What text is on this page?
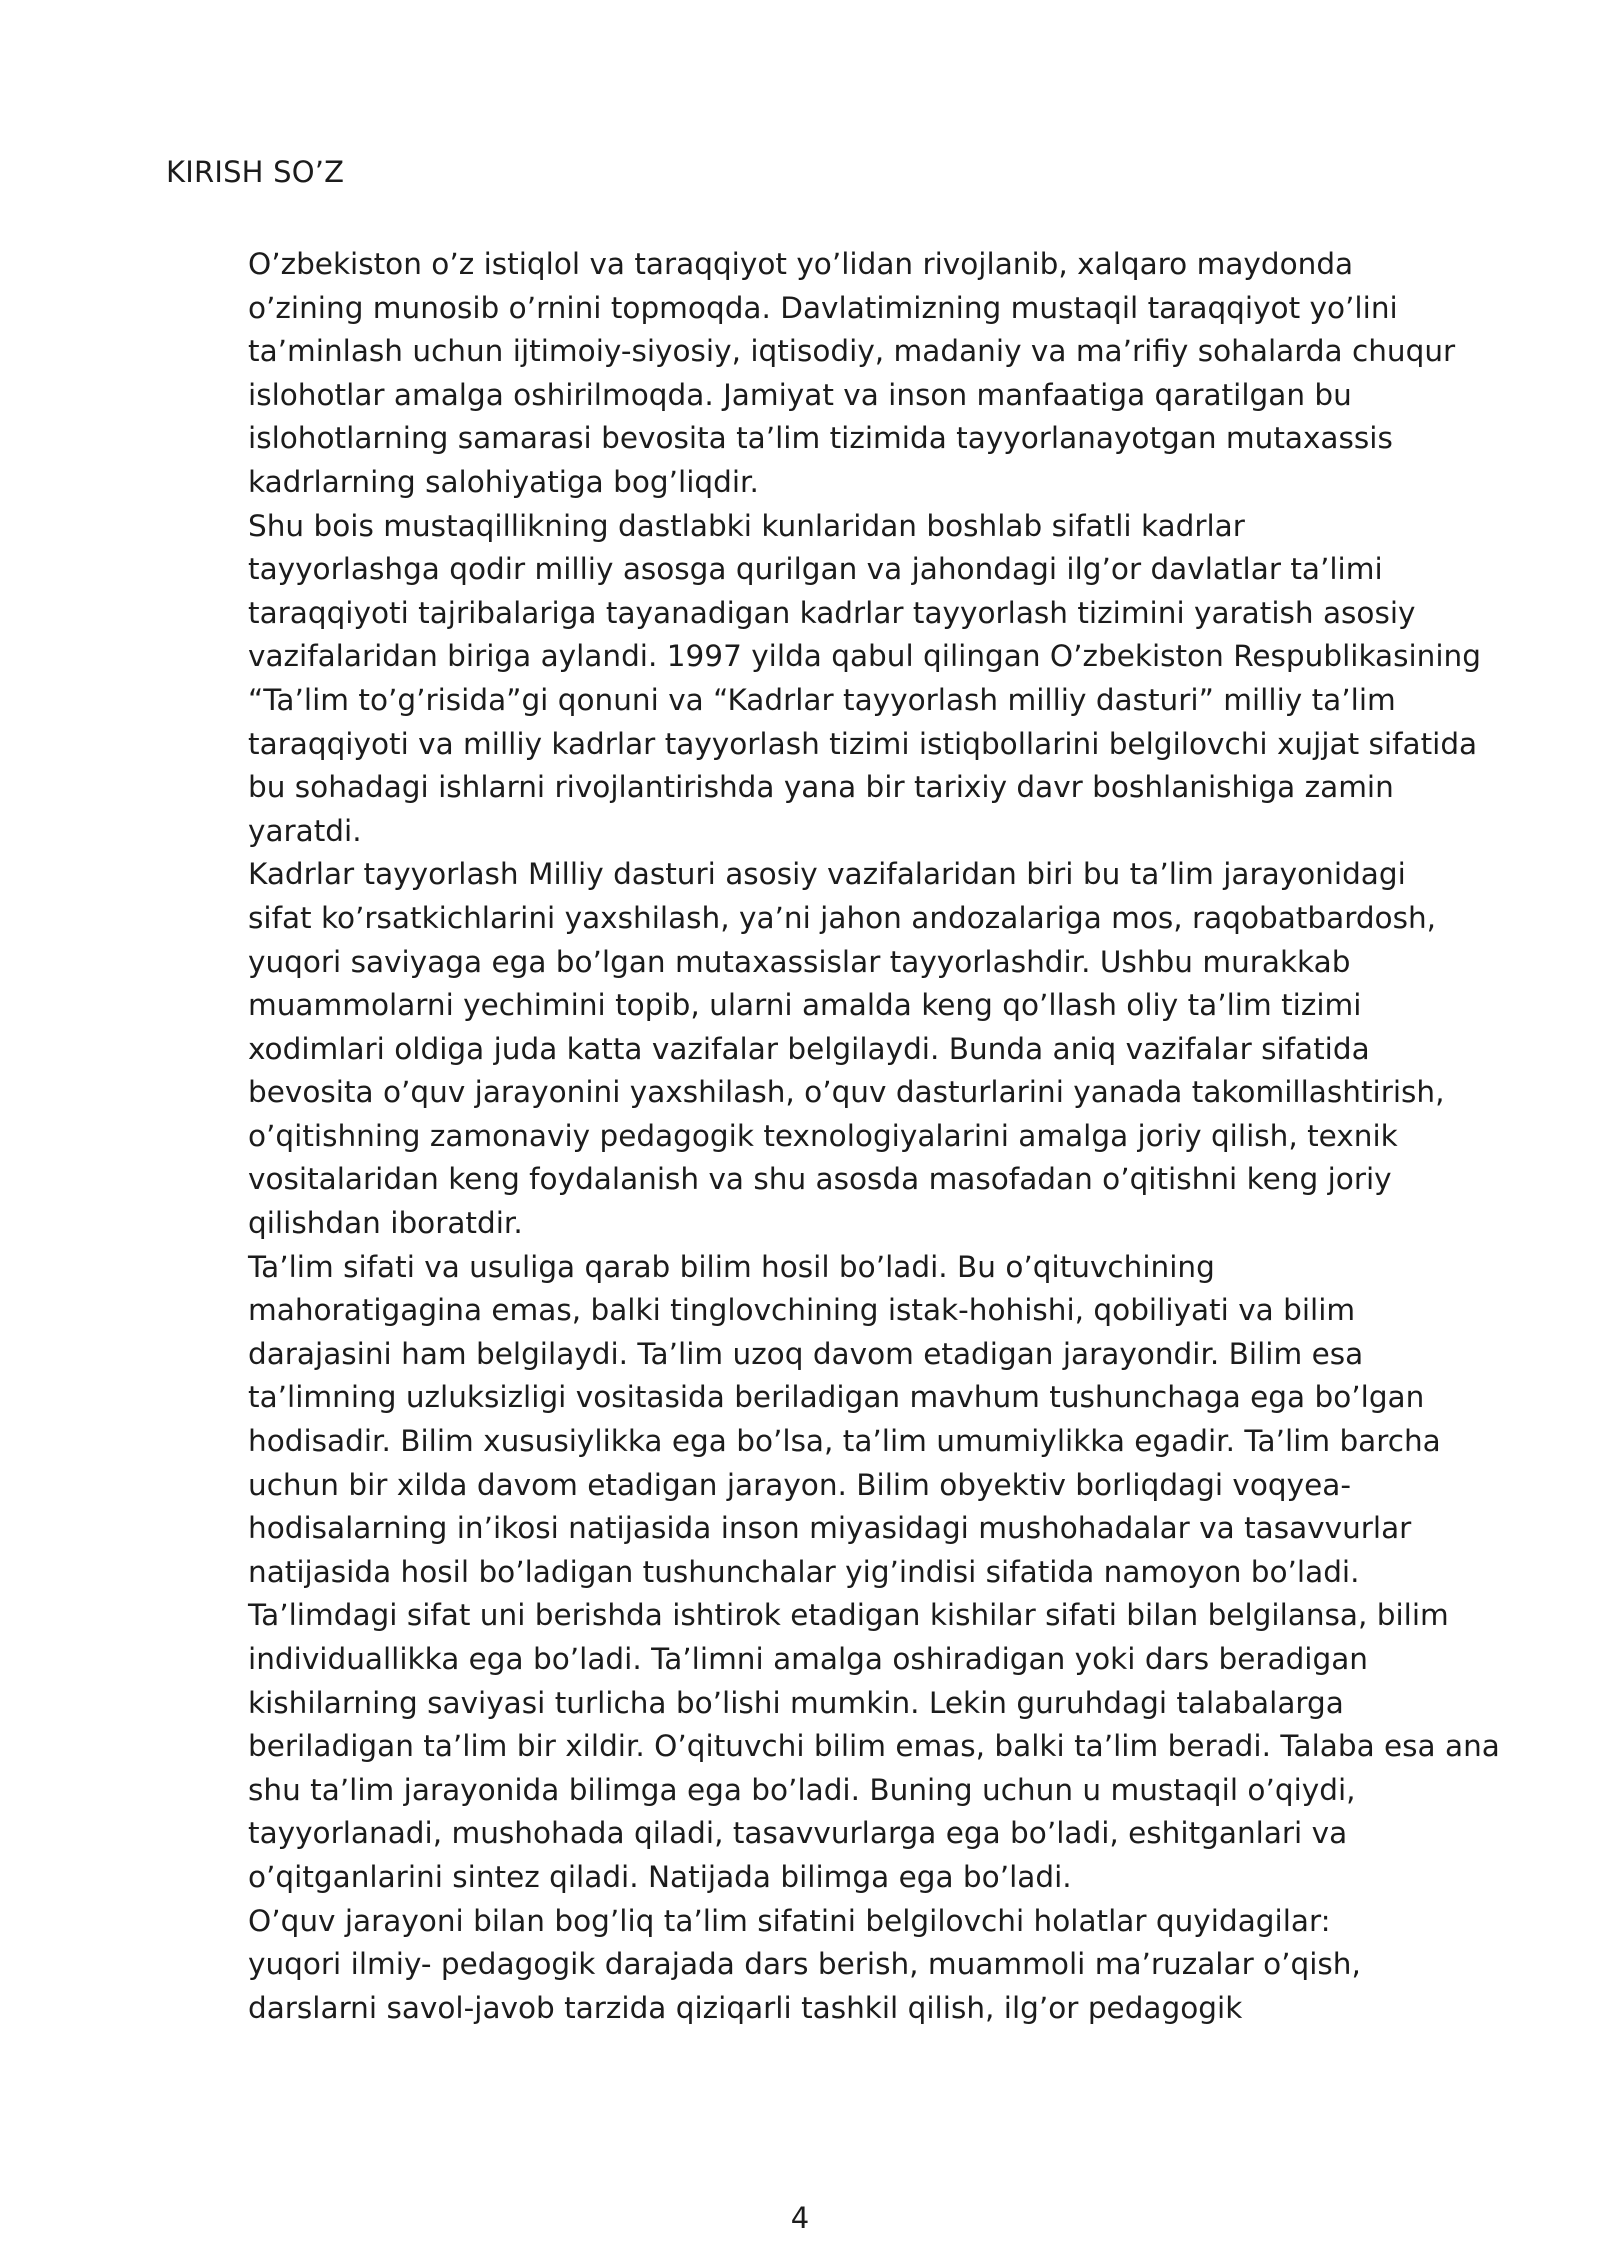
KIRISH SO’Z

O’zbekiston o’z istiqlol va taraqqiyot yo’lidan rivojlanib, xalqaro maydonda
o’zining munosib o’rnini topmoqda. Davlatimizning mustaqil taraqqiyot yo’lini
ta’minlash uchun ijtimoiy-siyosiy, iqtisodiy, madaniy va ma’rifiy sohalarda chuqur
islohotlar amalga oshirilmoqda. Jamiyat va inson manfaatiga qaratilgan bu
islohotlarning samarasi bevosita ta’lim tizimida tayyorlanayotgan mutaxassis
kadrlarning salohiyatiga bog’liqdir.

Shu bois mustaqillikning dastlabki kunlaridan boshlab sifatli kadrlar
tayyorlashga qodir milliy asosga qurilgan va jahondagi ilg’or davlatlar ta’limi
taraqqiyoti tajribalariga tayanadigan kadrlar tayyorlash tizimini yaratish asosiy
vazifalaridan biriga aylandi. 1997 yilda qabul qilingan O’zbekiston Respublikasining
“Ta’lim to’g’risida”gi qonuni va “Kadrlar tayyorlash milliy dasturi” milliy ta’lim
taraqqiyoti va milliy kadrlar tayyorlash tizimi istiqbollarini belgilovchi xujjat sifatida
bu sohadagi ishlarni rivojlantirishda yana bir tarixiy davr boshlanishiga zamin
yaratdi.

Kadrlar tayyorlash Milliy dasturi asosiy vazifalaridan biri bu ta’lim jarayonidagi
sifat ko’rsatkichlarini yaxshilash, ya’ni jahon andozalariga mos, raqobatbardosh,
yuqori saviyaga ega bo’lgan mutaxassislar tayyorlashdir. Ushbu murakkab
muammolarni yechimini topib, ularni amalda keng qo’llash oliy ta’lim tizimi
xodimlari oldiga juda katta vazifalar belgilaydi. Bunda aniq vazifalar sifatida
bevosita o’quv jarayonini yaxshilash, o’quv dasturlarini yanada takomillashtirish,
o’qitishning zamonaviy pedagogik texnologiyalarini amalga joriy qilish, texnik
vositalaridan keng foydalanish va shu asosda masofadan o’qitishni keng joriy
qilishdan iboratdir.

Ta’lim sifati va usuliga qarab bilim hosil bo’ladi. Bu o’qituvchining
mahoratigagina emas, balki tinglovchining istak-hohishi, qobiliyati va bilim
darajasini ham belgilaydi. Ta’lim uzoq davom etadigan jarayondir. Bilim esa
ta’limning uzluksizligi vositasida beriladigan mavhum tushunchaga ega bo’lgan
hodisadir. Bilim xususiylikka ega bo’lsa, ta’lim umumiylikka egadir. Ta’lim barcha
uchun bir xilda davom etadigan jarayon. Bilim obyektiv borliqdagi voqyea-
hodisalarning in’ikosi natijasida inson miyasidagi mushohadalar va tasavvurlar
natijasida hosil bo’ladigan tushunchalar yig’indisi sifatida namoyon bo’ladi.
Ta’limdagi sifat uni berishda ishtirok etadigan kishilar sifati bilan belgilansa, bilim
individuallikka ega bo’ladi. Ta’limni amalga oshiradigan yoki dars beradigan
kishilarning saviyasi turlicha bo’lishi mumkin. Lekin guruhdagi talabalarga
beriladigan ta’lim bir xildir. O’qituvchi bilim emas, balki ta’lim beradi. Talaba esa ana
shu ta’lim jarayonida bilimga ega bo’ladi. Buning uchun u mustaqil o’qiydi,
tayyorlanadi, mushohada qiladi, tasavvurlarga ega bo’ladi, eshitganlari va
o’qitganlarini sintez qiladi. Natijada bilimga ega bo’ladi.

O’quv jarayoni bilan bog’liq ta’lim sifatini belgilovchi holatlar quyidagilar:
yuqori ilmiy- pedagogik darajada dars berish, muammoli ma’ruzalar o’qish,
darslarni savol-javob tarzida qiziqarli tashkil qilish, ilg’or pedagogik

4
